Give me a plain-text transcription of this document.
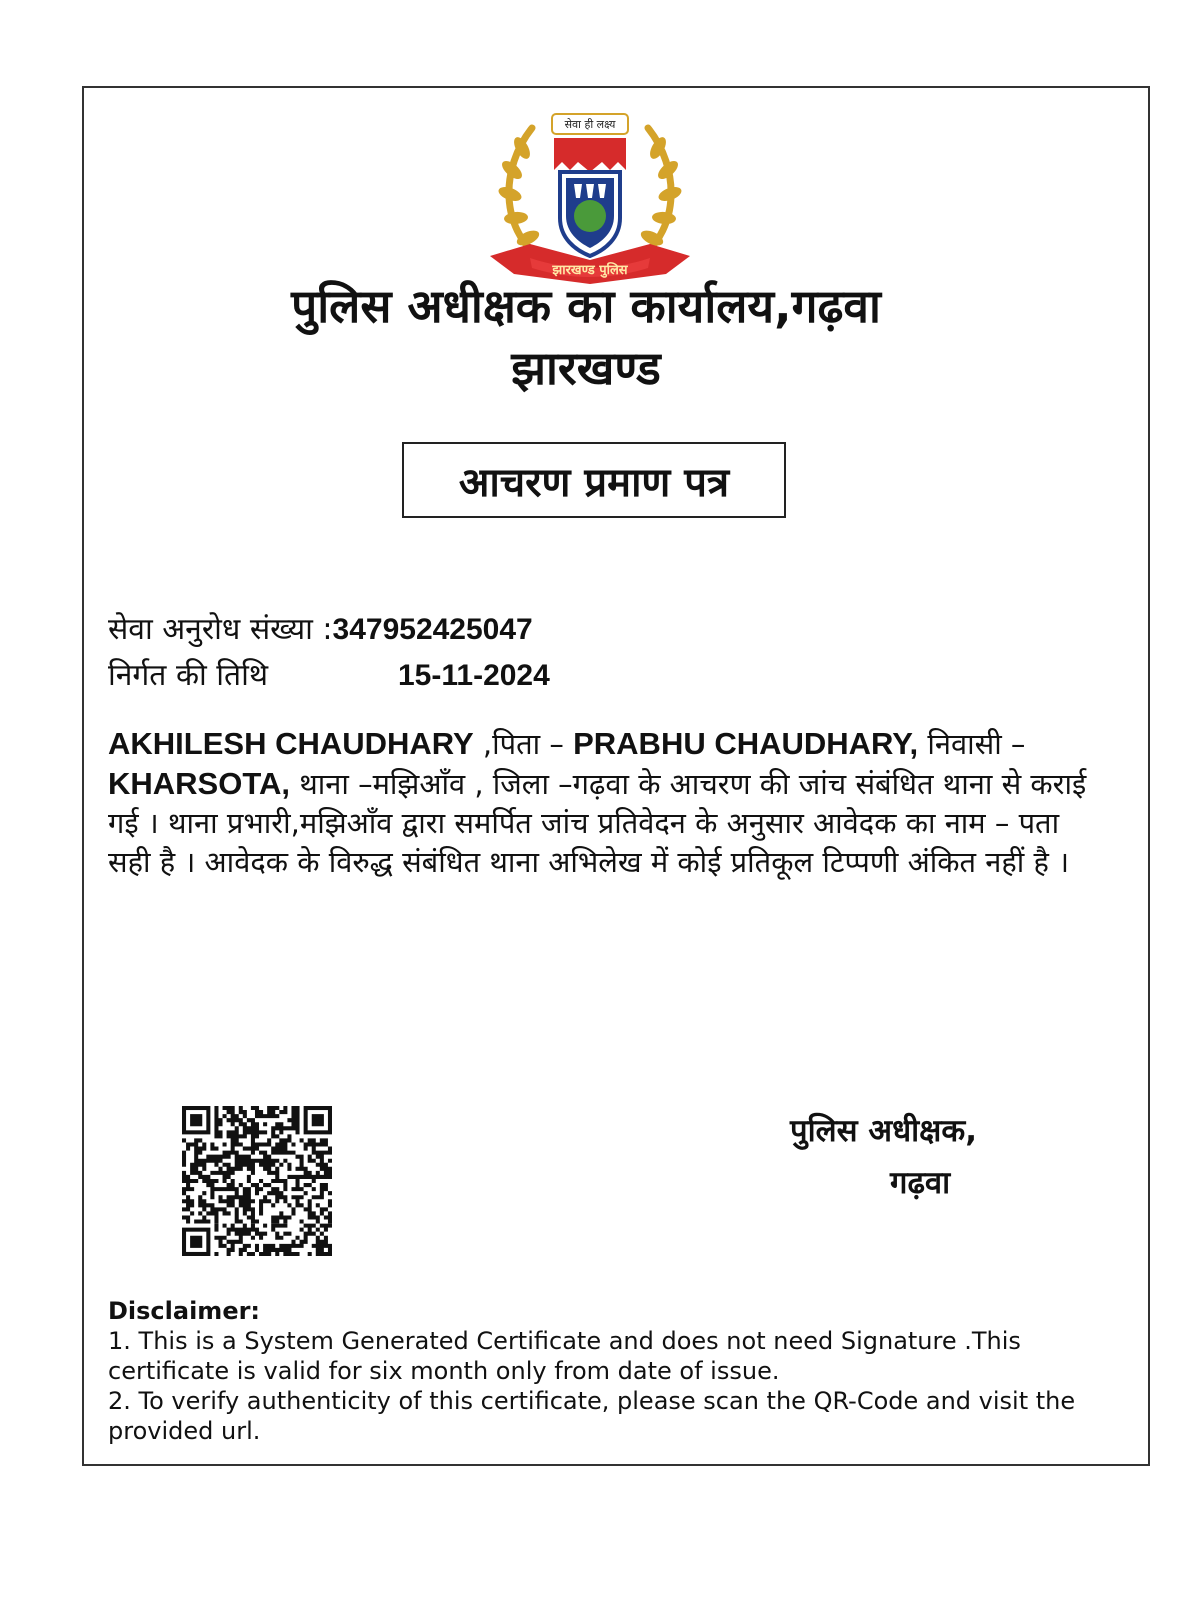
सेवा ही लक्ष्य
झारखण्ड पुलिस
पुलिस अधीक्षक का कार्यालय,गढ़वा
झारखण्ड
आचरण प्रमाण पत्र
सेवा अनुरोध संख्या :347952425047
निर्गत की तिथि	15-11-2024
AKHILESH CHAUDHARY ,पिता – PRABHU CHAUDHARY, निवासी – KHARSOTA, थाना –मझिआँव , जिला –गढ़वा के आचरण की जांच संबंधित थाना से कराई गई । थाना प्रभारी,मझिआँव द्वारा समर्पित जांच प्रतिवेदन के अनुसार आवेदक का नाम – पता सही है । आवेदक के विरुद्ध संबंधित थाना अभिलेख में कोई प्रतिकूल टिप्पणी अंकित नहीं है ।
पुलिस अधीक्षक,
गढ़वा
Disclaimer:
1. This is a System Generated Certificate and does not need Signature .This certificate is valid for six month only from date of issue.
2. To verify authenticity of this certificate, please scan the QR-Code and visit the provided url.
